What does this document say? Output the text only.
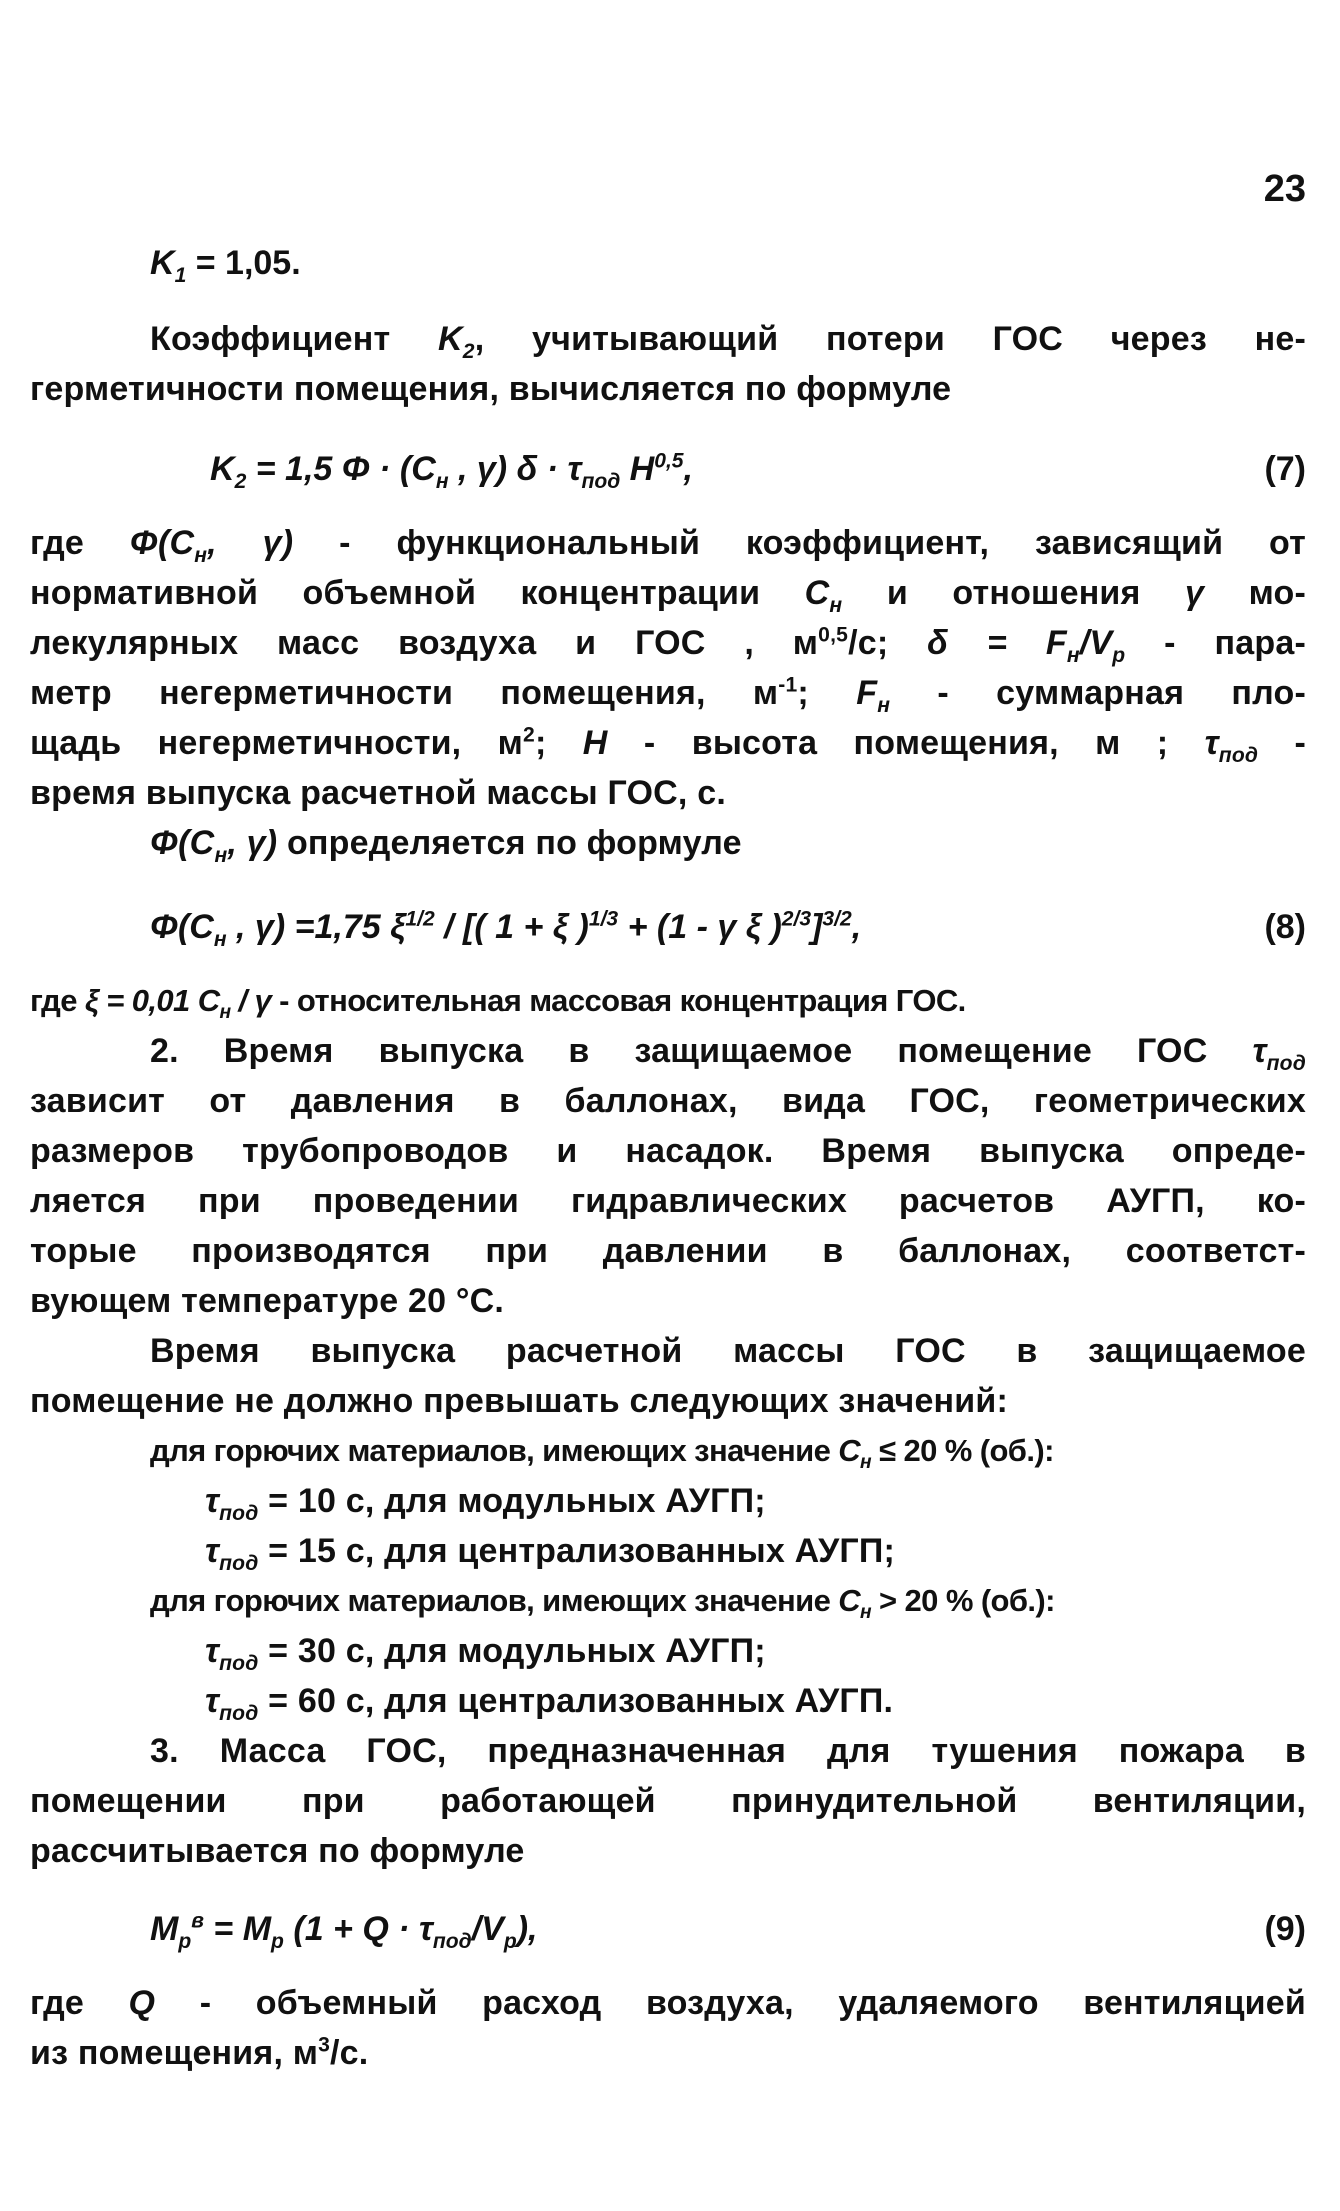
23

$K_1 = 1,05$.

Коэффициент $K_2$, учитывающий потери ГОС через не-

герметичности помещения, вычисляется по формуле

$K_2 = 1,5$ $\Phi \cdot (C_н$ , γ) $\delta \cdot \tau_{под}$ H$^{0,5}$,	(7)

где $\Phi(C_н$, γ) - функциональный коэффициент, зависящий от

нормативной объемной концентрации $C_н$ и отношения γ мо-

лекулярных масс воздуха и ГОС , $м^{0,5}/с$; $\delta = F_н/V_р$ - пара-

метр негерметичности помещения, $м^{-1}$; $F_н$ - суммарная пло-

щадь негерметичности, $м^2$; H - высота помещения, м ; $\tau_{под}$ -

время выпуска расчетной массы ГОС, с.

$\Phi(C_н$, γ) определяется по формуле

$\Phi(C_н$ , γ) =1,75 $\xi^{1/2}$ / [( 1 + ξ )$^{1/3}$ + (1 - γ ξ )$^{2/3}$]$^{3/2}$,	(8)

где ξ = 0,01 $C_н$ / γ - относительная массовая концентрация ГОС.

2. Время выпуска в защищаемое помещение ГОС $\tau_{под}$

зависит от давления в баллонах, вида ГОС, геометрических

размеров трубопроводов и насадок. Время выпуска опреде-

ляется при проведении гидравлических расчетов АУГП, ко-

торые производятся при давлении в баллонах, соответст-

вующем температуре 20 °С.

Время выпуска расчетной массы ГОС в защищаемое

помещение не должно превышать следующих значений:

для горючих материалов, имеющих значение $C_н \le 20$ % (об.):

$\tau_{под} = 10$ с, для модульных АУГП;

$\tau_{под} = 15$ с, для централизованных АУГП;

для горючих материалов, имеющих значение $C_н > 20$ % (об.):

$\tau_{под} = 30$ с, для модульных АУГП;

$\tau_{под} = 60$ с, для централизованных АУГП.

3. Масса ГОС, предназначенная для тушения пожара в

помещении при работающей принудительной вентиляции,

рассчитывается по формуле

$M_р^в = M_р$ $(1 + Q \cdot \tau_{под}/V_р)$,	(9)

где Q - объемный расход воздуха, удаляемого вентиляцией

из помещения, $м^3/с$.
